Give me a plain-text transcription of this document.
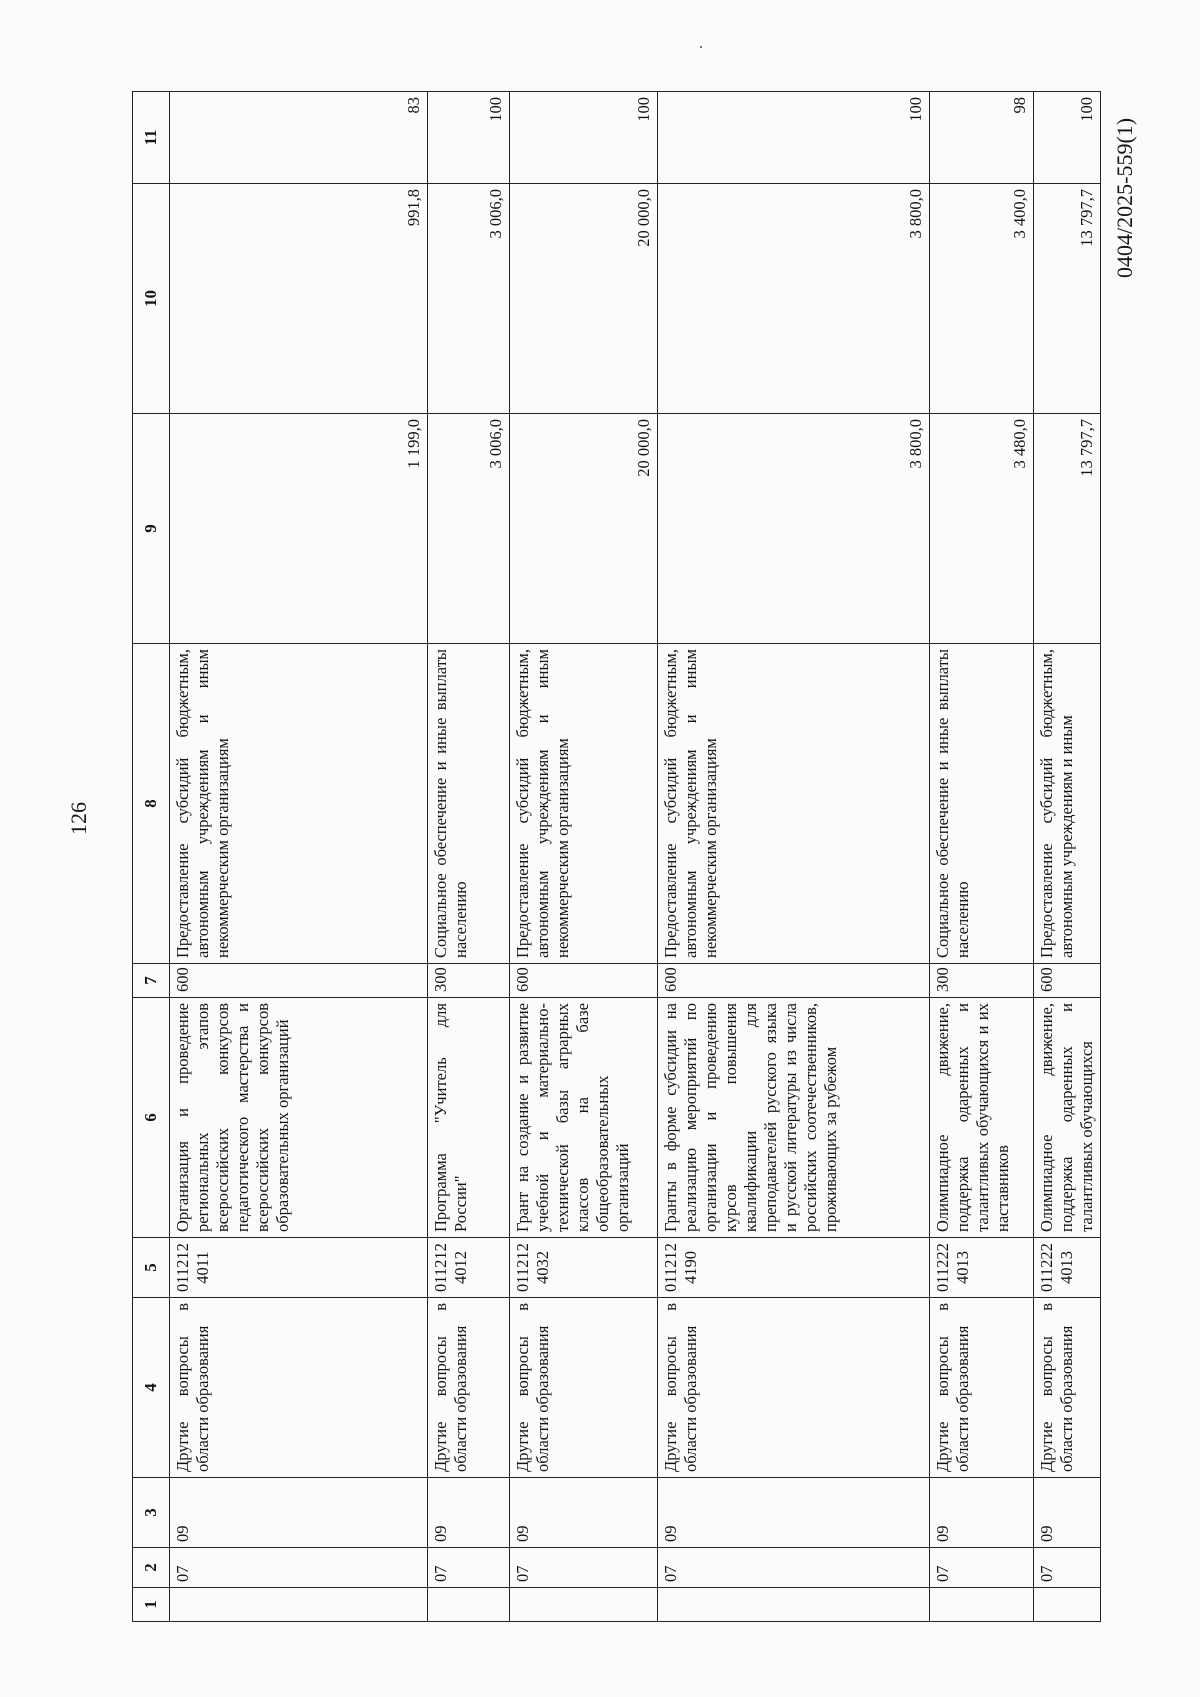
126
1	2	3	4	5	6	7	8	9	10	11
	07	09	Другие вопросы в области образования	011212 4011	Организация и проведение региональных этапов всероссийских конкурсов педагогического мастерства и всероссийских конкурсов образовательных организаций	600	Предоставление субсидий бюджетным, автономным учреждениям и иным некоммерческим организациям	1 199,0	991,8	83
	07	09	Другие вопросы в области образования	011212 4012	Программа "Учитель для России"	300	Социальное обеспечение и иные выплаты населению	3 006,0	3 006,0	100
	07	09	Другие вопросы в области образования	011212 4032	Грант на создание и развитие учебной и материально-технической базы аграрных классов на базе общеобразовательных организаций	600	Предоставление субсидий бюджетным, автономным учреждениям и иным некоммерческим организациям	20 000,0	20 000,0	100
	07	09	Другие вопросы в области образования	011212 4190	Гранты в форме субсидии на реализацию мероприятий по организации и проведению курсов повышения квалификации для преподавателей русского языка и русской литературы из числа российских соотечественников, проживающих за рубежом	600	Предоставление субсидий бюджетным, автономным учреждениям и иным некоммерческим организациям	3 800,0	3 800,0	100
	07	09	Другие вопросы в области образования	011222 4013	Олимпиадное движение, поддержка одаренных и талантливых обучающихся и их наставников	300	Социальное обеспечение и иные выплаты населению	3 480,0	3 400,0	98
	07	09	Другие вопросы в области образования	011222 4013	Олимпиадное движение, поддержка одаренных и талантливых обучающихся	600	Предоставление субсидий бюджетным, автономным учреждениям и иным	13 797,7	13 797,7	100
0404/2025-559(1)
